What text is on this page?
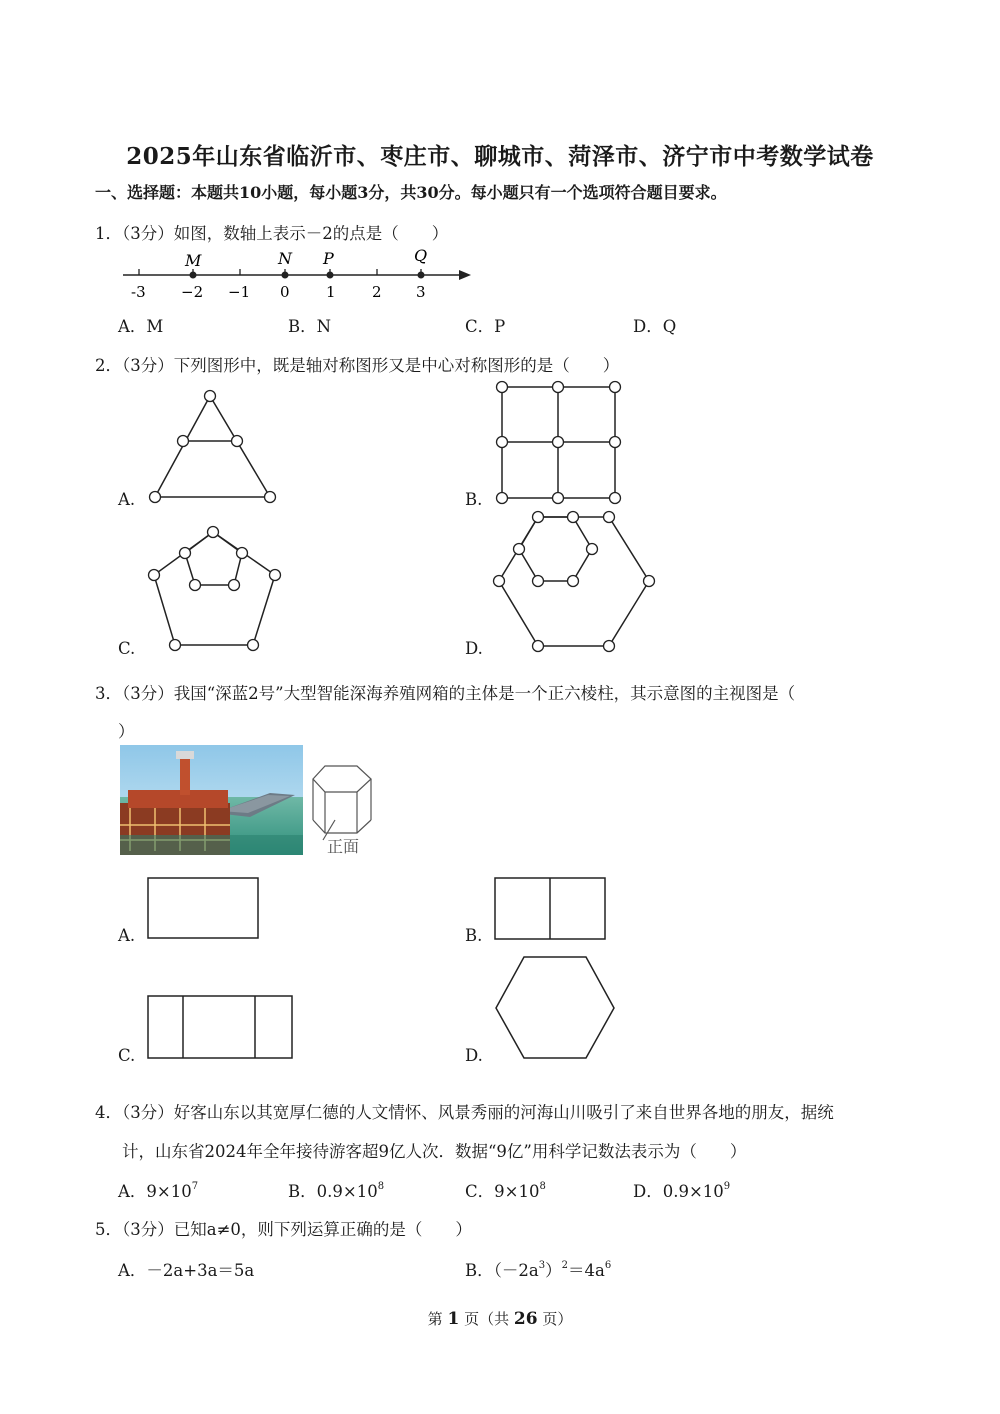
2025年山东省临沂市、枣庄市、聊城市、菏泽市、济宁市中考数学试卷
一、选择题：本题共10小题，每小题3分，共30分。每小题只有一个选项符合题目要求。
1．（3分）如图，数轴上表示－2的点是（　　）
M	N P	Q
-3 −2 −1 0 1 2 3
A．M	B．N	C．P	D．Q
2．（3分）下列图形中，既是轴对称图形又是中心对称图形的是（　　）
A.	B.
C.	D.
3．（3分）我国“深蓝2号”大型智能深海养殖网箱的主体是一个正六棱柱，其示意图的主视图是（
）
正面
A.	B.
C.	D.
4．（3分）好客山东以其宽厚仁德的人文情怀、风景秀丽的河海山川吸引了来自世界各地的朋友，据统
计，山东省2024年全年接待游客超9亿人次．数据“9亿”用科学记数法表示为（　　）
A．$9\times 10^7$	B．$0.9\times 10^8$	C．$9\times 10^8$	D．$0.9\times 10^9$
5．（3分）已知a≠0，则下列运算正确的是（　　）
A．－2a+3a＝5a	B．$(-2a^3)^2=4a^6$
第 1 页（共 26 页）
